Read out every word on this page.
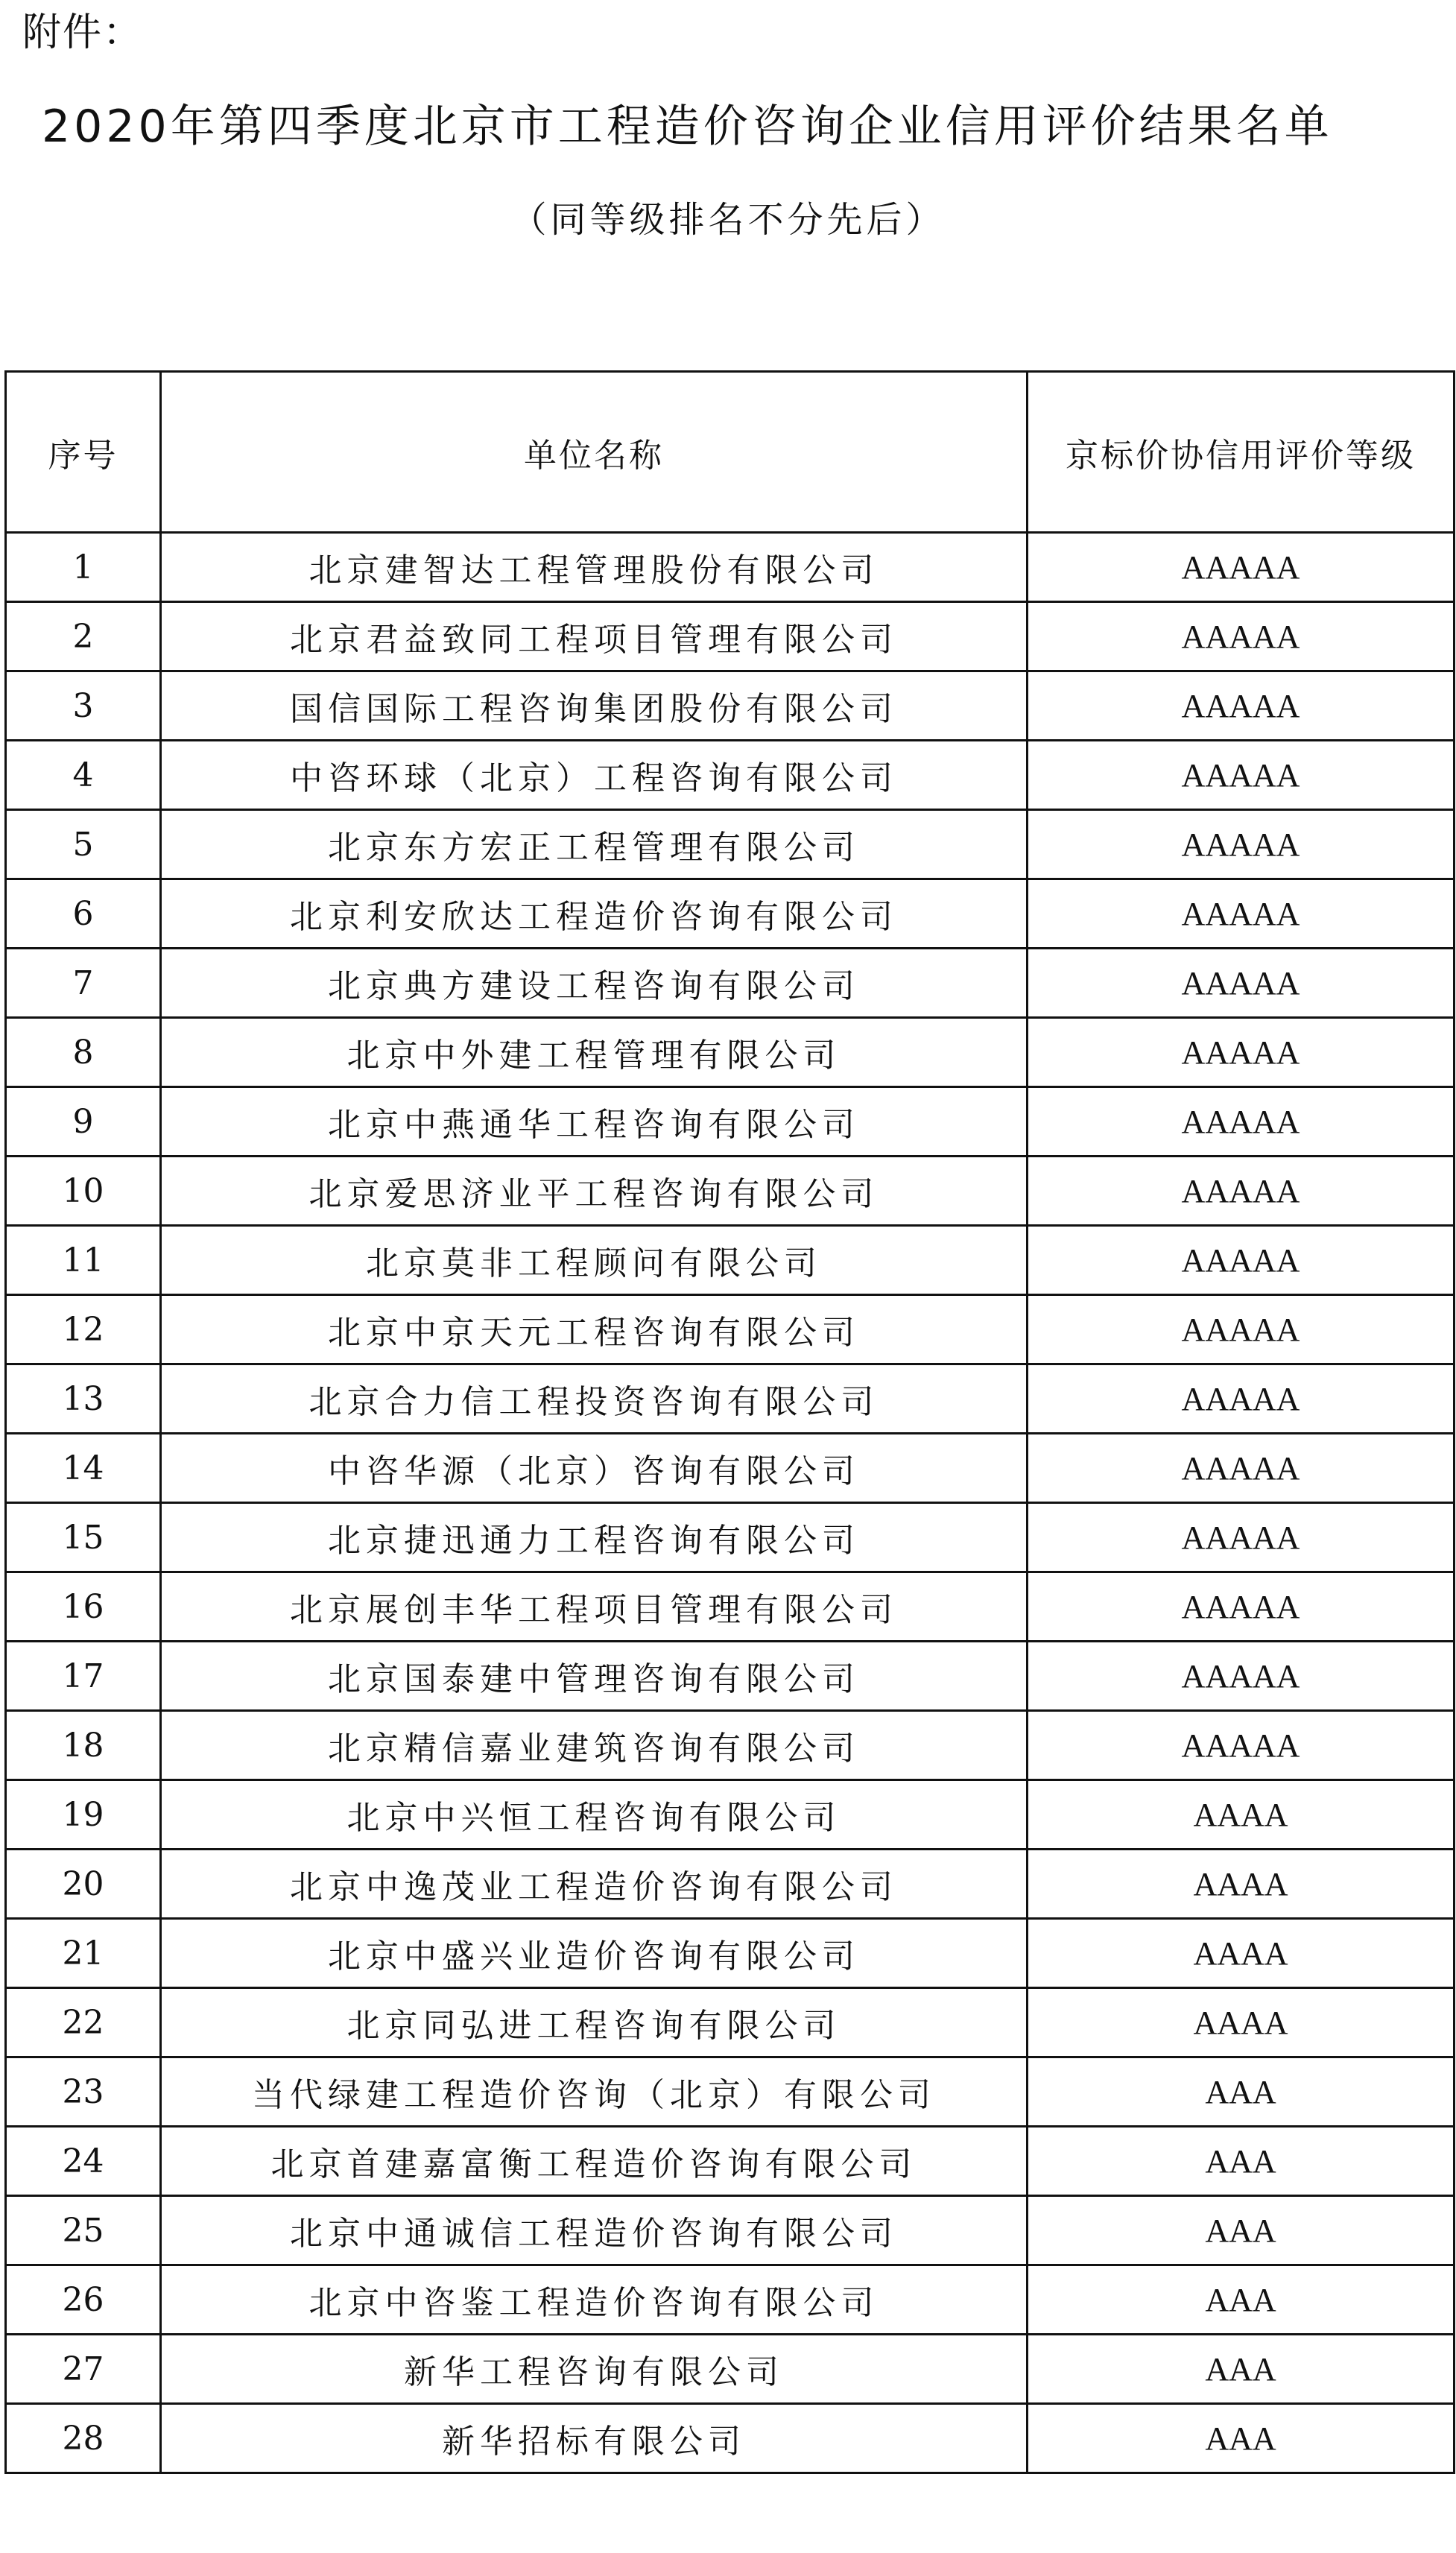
附件：
2020年第四季度北京市工程造价咨询企业信用评价结果名单
（同等级排名不分先后）
序号	单位名称	京标价协信用评价等级
1	北京建智达工程管理股份有限公司	AAAAA
2	北京君益致同工程项目管理有限公司	AAAAA
3	国信国际工程咨询集团股份有限公司	AAAAA
4	中咨环球（北京）工程咨询有限公司	AAAAA
5	北京东方宏正工程管理有限公司	AAAAA
6	北京利安欣达工程造价咨询有限公司	AAAAA
7	北京典方建设工程咨询有限公司	AAAAA
8	北京中外建工程管理有限公司	AAAAA
9	北京中燕通华工程咨询有限公司	AAAAA
10	北京爱思济业平工程咨询有限公司	AAAAA
11	北京莫非工程顾问有限公司	AAAAA
12	北京中京天元工程咨询有限公司	AAAAA
13	北京合力信工程投资咨询有限公司	AAAAA
14	中咨华源（北京）咨询有限公司	AAAAA
15	北京捷迅通力工程咨询有限公司	AAAAA
16	北京展创丰华工程项目管理有限公司	AAAAA
17	北京国泰建中管理咨询有限公司	AAAAA
18	北京精信嘉业建筑咨询有限公司	AAAAA
19	北京中兴恒工程咨询有限公司	AAAA
20	北京中逸茂业工程造价咨询有限公司	AAAA
21	北京中盛兴业造价咨询有限公司	AAAA
22	北京同弘进工程咨询有限公司	AAAA
23	当代绿建工程造价咨询（北京）有限公司	AAA
24	北京首建嘉富衡工程造价咨询有限公司	AAA
25	北京中通诚信工程造价咨询有限公司	AAA
26	北京中咨鉴工程造价咨询有限公司	AAA
27	新华工程咨询有限公司	AAA
28	新华招标有限公司	AAA
